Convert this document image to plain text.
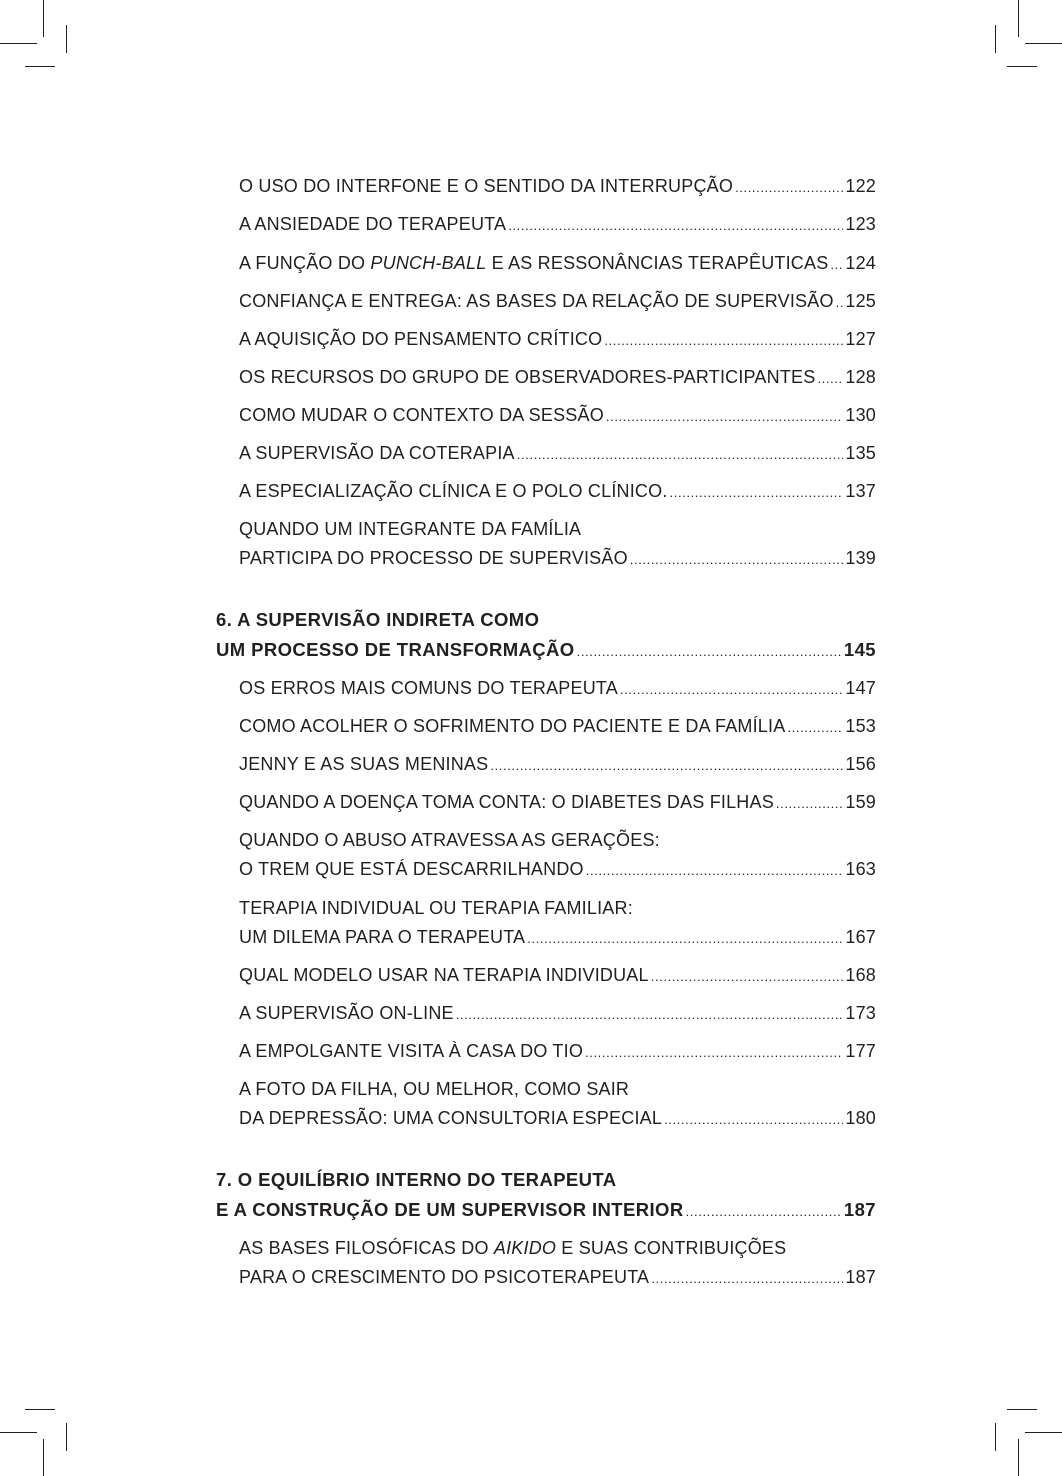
O USO DO INTERFONE E O SENTIDO DA INTERRUPÇÃO .....	122
A ANSIEDADE DO TERAPEUTA .....	123
A FUNÇÃO DO PUNCH-BALL E AS RESSONÂNCIAS TERAPÊUTICAS ..... 124
CONFIANÇA E ENTREGA: AS BASES DA RELAÇÃO DE SUPERVISÃO ..... 125
A AQUISIÇÃO DO PENSAMENTO CRÍTICO .....	127
OS RECURSOS DO GRUPO DE OBSERVADORES-PARTICIPANTES ..... 128
COMO MUDAR O CONTEXTO DA SESSÃO .....	130
A SUPERVISÃO DA COTERAPIA .....	135
A ESPECIALIZAÇÃO CLÍNICA E O POLO CLÍNICO. .....	137
QUANDO UM INTEGRANTE DA FAMÍLIA
PARTICIPA DO PROCESSO DE SUPERVISÃO .....	139
6. A SUPERVISÃO INDIRETA COMO
UM PROCESSO DE TRANSFORMAÇÃO .....	145
OS ERROS MAIS COMUNS DO TERAPEUTA .....	147
COMO ACOLHER O SOFRIMENTO DO PACIENTE E DA FAMÍLIA .....	153
JENNY E AS SUAS MENINAS .....	156
QUANDO A DOENÇA TOMA CONTA: O DIABETES DAS FILHAS .....	159
QUANDO O ABUSO ATRAVESSA AS GERAÇÕES:
O TREM QUE ESTÁ DESCARRILHANDO .....	163
TERAPIA INDIVIDUAL OU TERAPIA FAMILIAR:
UM DILEMA PARA O TERAPEUTA .....	167
QUAL MODELO USAR NA TERAPIA INDIVIDUAL .....	168
A SUPERVISÃO ON-LINE .....	173
A EMPOLGANTE VISITA À CASA DO TIO .....	177
A FOTO DA FILHA, OU MELHOR, COMO SAIR
DA DEPRESSÃO: UMA CONSULTORIA ESPECIAL .....	180
7. O EQUILÍBRIO INTERNO DO TERAPEUTA
E A CONSTRUÇÃO DE UM SUPERVISOR INTERIOR .....	187
AS BASES FILOSÓFICAS DO AIKIDO E SUAS CONTRIBUIÇÕES
PARA O CRESCIMENTO DO PSICOTERAPEUTA .....	187
